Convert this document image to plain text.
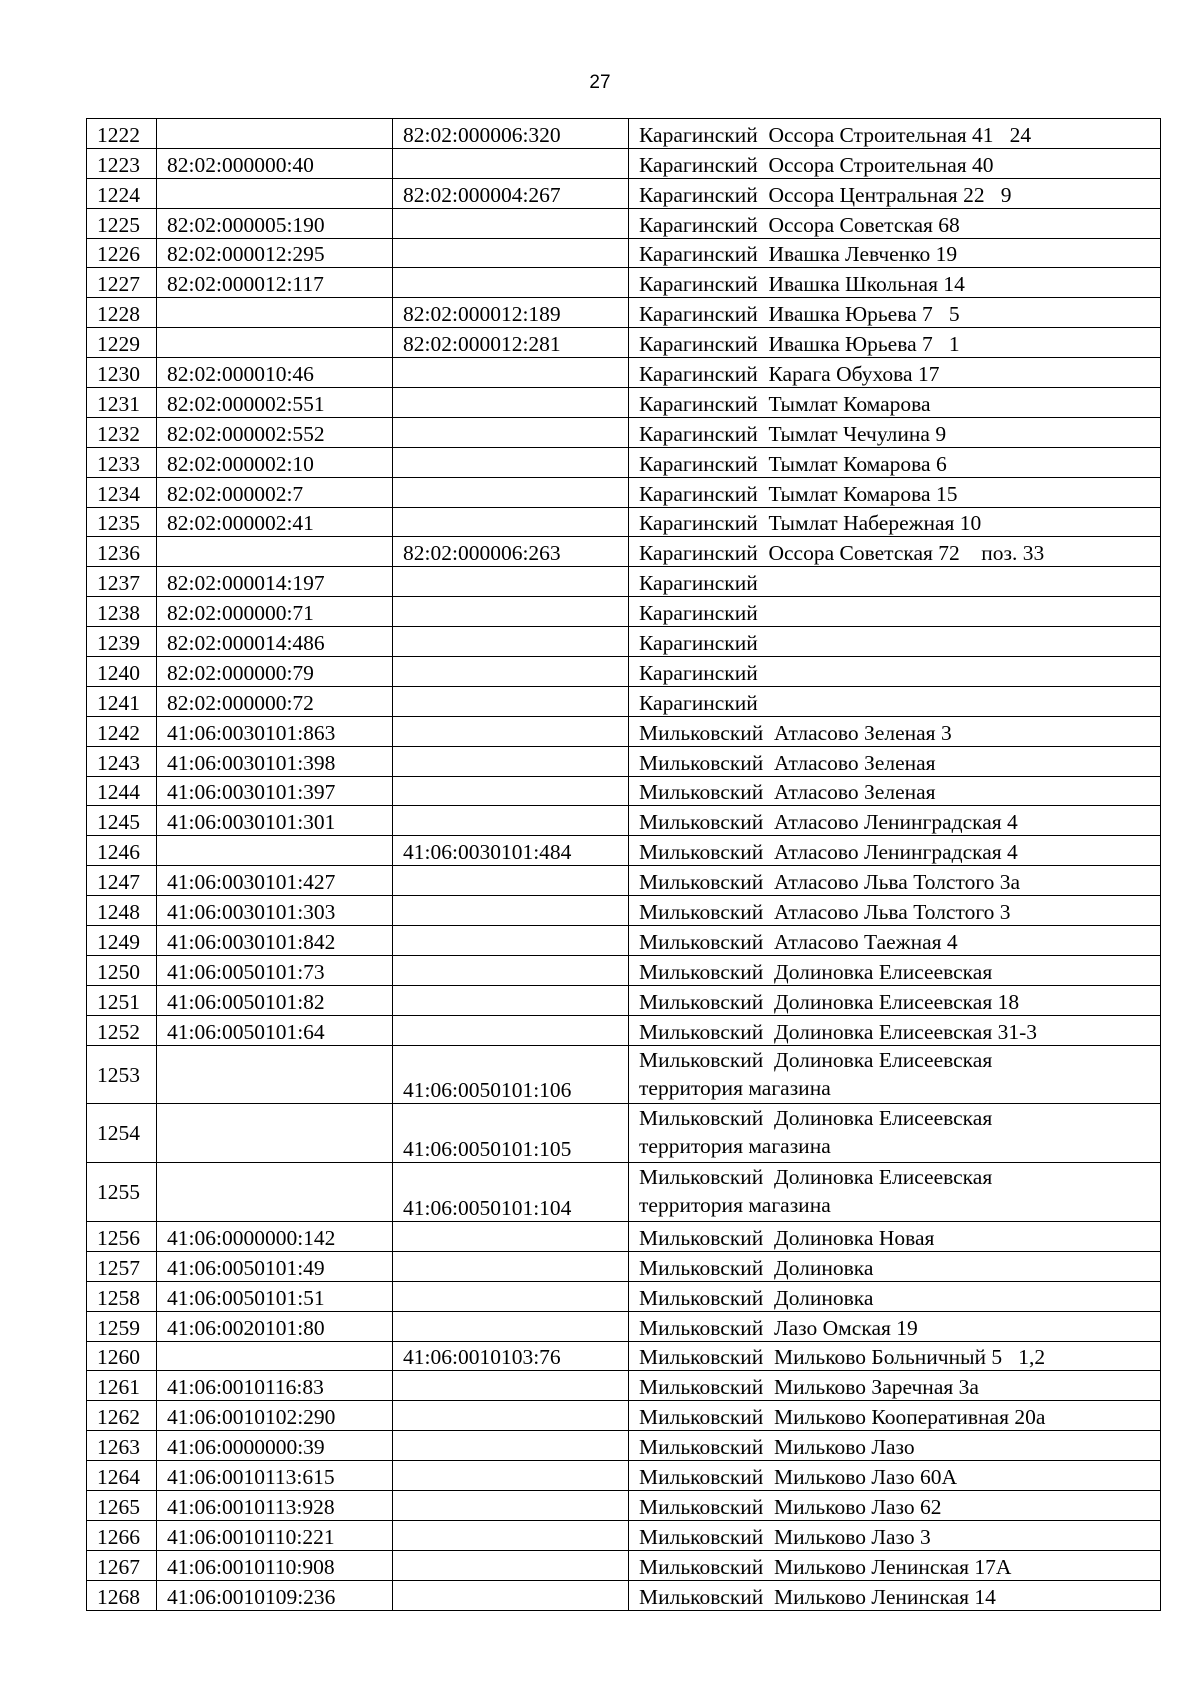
27
1222		82:02:000006:320	Карагинский  Оссора Строительная 41   24

1223	82:02:000000:40		Карагинский  Оссора Строительная 40

1224		82:02:000004:267	Карагинский  Оссора Центральная 22   9

1225	82:02:000005:190		Карагинский  Оссора Советская 68

1226	82:02:000012:295		Карагинский  Ивашка Левченко 19

1227	82:02:000012:117		Карагинский  Ивашка Школьная 14

1228		82:02:000012:189	Карагинский  Ивашка Юрьева 7   5

1229		82:02:000012:281	Карагинский  Ивашка Юрьева 7   1

1230	82:02:000010:46		Карагинский  Карага Обухова 17

1231	82:02:000002:551		Карагинский  Тымлат Комарова

1232	82:02:000002:552		Карагинский  Тымлат Чечулина 9

1233	82:02:000002:10		Карагинский  Тымлат Комарова 6

1234	82:02:000002:7		Карагинский  Тымлат Комарова 15

1235	82:02:000002:41		Карагинский  Тымлат Набережная 10

1236		82:02:000006:263	Карагинский  Оссора Советская 72    поз. 33

1237	82:02:000014:197		Карагинский

1238	82:02:000000:71		Карагинский

1239	82:02:000014:486		Карагинский

1240	82:02:000000:79		Карагинский

1241	82:02:000000:72		Карагинский

1242	41:06:0030101:863		Мильковский  Атласово Зеленая 3

1243	41:06:0030101:398		Мильковский  Атласово Зеленая

1244	41:06:0030101:397		Мильковский  Атласово Зеленая

1245	41:06:0030101:301		Мильковский  Атласово Ленинградская 4

1246		41:06:0030101:484	Мильковский  Атласово Ленинградская 4

1247	41:06:0030101:427		Мильковский  Атласово Льва Толстого 3а

1248	41:06:0030101:303		Мильковский  Атласово Льва Толстого 3

1249	41:06:0030101:842		Мильковский  Атласово Таежная 4

1250	41:06:0050101:73		Мильковский  Долиновка Елисеевская

1251	41:06:0050101:82		Мильковский  Долиновка Елисеевская 18

1252	41:06:0050101:64		Мильковский  Долиновка Елисеевская 31-3

1253		41:06:0050101:106	Мильковский  Долиновка Елисеевская
территория магазина

1254		41:06:0050101:105	Мильковский  Долиновка Елисеевская
территория магазина

1255		41:06:0050101:104	Мильковский  Долиновка Елисеевская
территория магазина

1256	41:06:0000000:142		Мильковский  Долиновка Новая

1257	41:06:0050101:49		Мильковский  Долиновка

1258	41:06:0050101:51		Мильковский  Долиновка

1259	41:06:0020101:80		Мильковский  Лазо Омская 19

1260		41:06:0010103:76	Мильковский  Мильково Больничный 5   1,2

1261	41:06:0010116:83		Мильковский  Мильково Заречная 3а

1262	41:06:0010102:290		Мильковский  Мильково Кооперативная 20а

1263	41:06:0000000:39		Мильковский  Мильково Лазо

1264	41:06:0010113:615		Мильковский  Мильково Лазо 60А

1265	41:06:0010113:928		Мильковский  Мильково Лазо 62

1266	41:06:0010110:221		Мильковский  Мильково Лазо 3

1267	41:06:0010110:908		Мильковский  Мильково Ленинская 17А

1268	41:06:0010109:236		Мильковский  Мильково Ленинская 14
